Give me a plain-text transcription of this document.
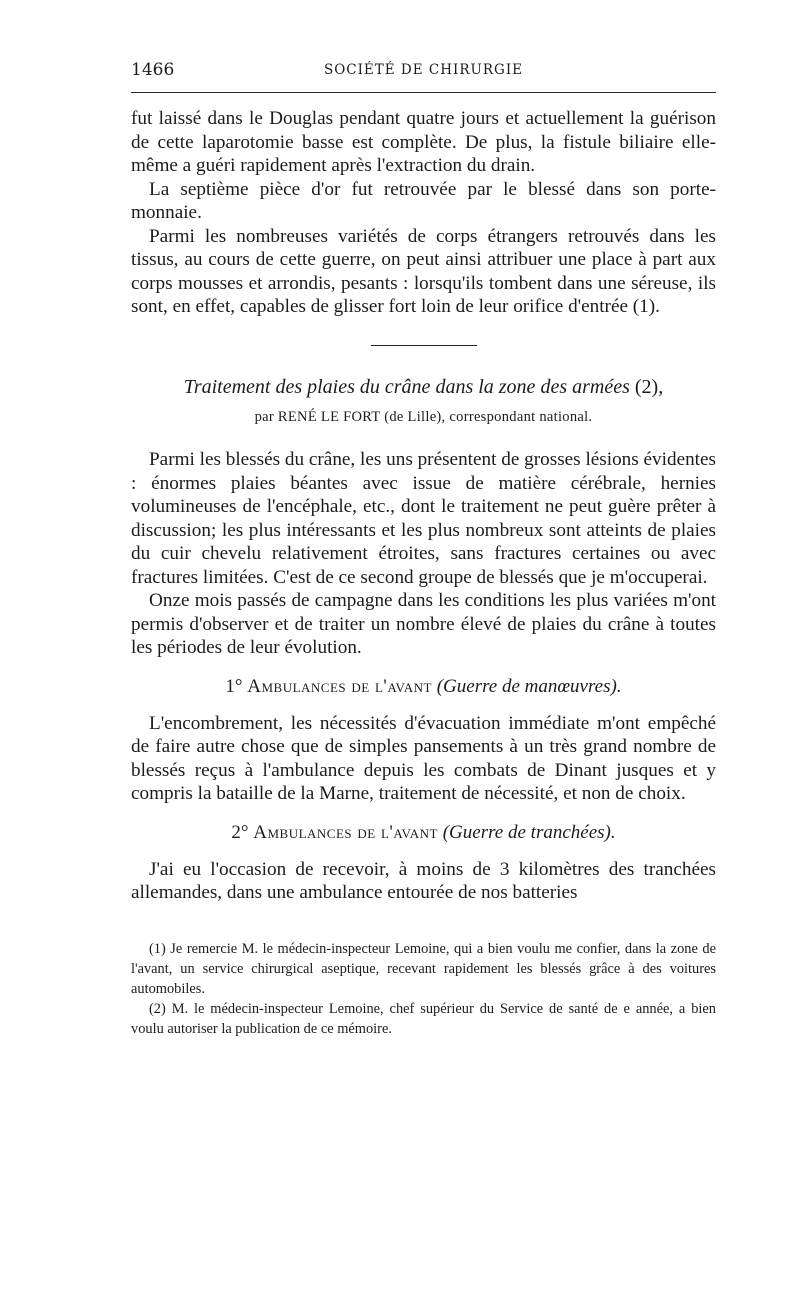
1466	SOCIÉTÉ DE CHIRURGIE

fut laissé dans le Douglas pendant quatre jours et actuellement la guérison de cette laparotomie basse est complète. De plus, la fistule biliaire elle-même a guéri rapidement après l'extraction du drain.

La septième pièce d'or fut retrouvée par le blessé dans son porte-monnaie.

Parmi les nombreuses variétés de corps étrangers retrouvés dans les tissus, au cours de cette guerre, on peut ainsi attribuer une place à part aux corps mousses et arrondis, pesants : lorsqu'ils tombent dans une séreuse, ils sont, en effet, capables de glisser fort loin de leur orifice d'entrée (1).

Traitement des plaies du crâne dans la zone des armées (2),
par RENÉ LE FORT (de Lille), correspondant national.

Parmi les blessés du crâne, les uns présentent de grosses lésions évidentes : énormes plaies béantes avec issue de matière cérébrale, hernies volumineuses de l'encéphale, etc., dont le traitement ne peut guère prêter à discussion; les plus intéressants et les plus nombreux sont atteints de plaies du cuir chevelu relativement étroites, sans fractures certaines ou avec fractures limitées. C'est de ce second groupe de blessés que je m'occuperai.

Onze mois passés de campagne dans les conditions les plus variées m'ont permis d'observer et de traiter un nombre élevé de plaies du crâne à toutes les périodes de leur évolution.

1° Ambulances de l'avant (Guerre de manœuvres).

L'encombrement, les nécessités d'évacuation immédiate m'ont empêché de faire autre chose que de simples pansements à un très grand nombre de blessés reçus à l'ambulance depuis les combats de Dinant jusques et y compris la bataille de la Marne, traitement de nécessité, et non de choix.

2° Ambulances de l'avant (Guerre de tranchées).

J'ai eu l'occasion de recevoir, à moins de 3 kilomètres des tranchées allemandes, dans une ambulance entourée de nos batteries

(1) Je remercie M. le médecin-inspecteur Lemoine, qui a bien voulu me confier, dans la zone de l'avant, un service chirurgical aseptique, recevant rapidement les blessés grâce à des voitures automobiles.

(2) M. le médecin-inspecteur Lemoine, chef supérieur du Service de santé de e année, a bien voulu autoriser la publication de ce mémoire.
